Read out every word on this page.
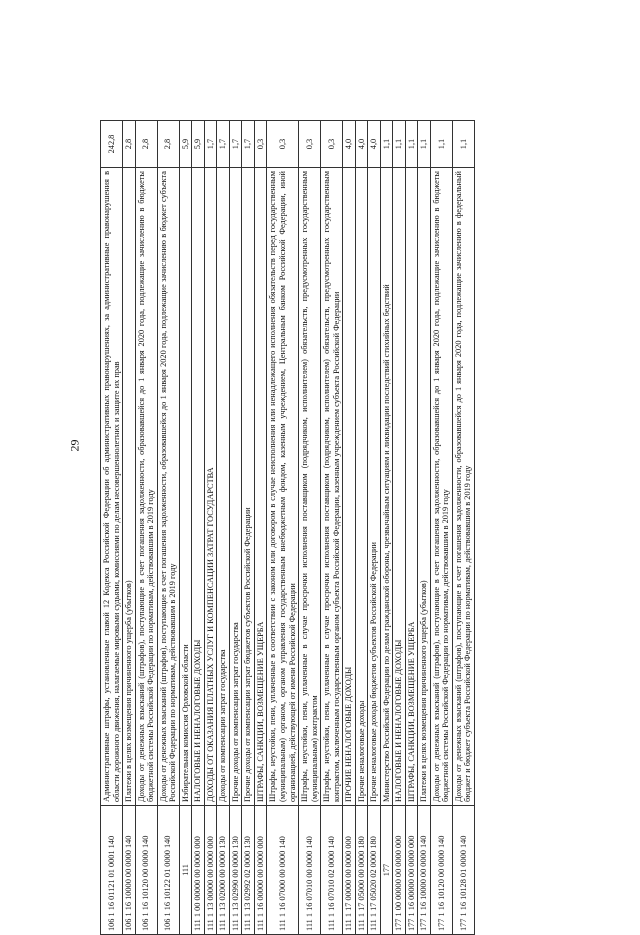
29
106 1 16 01121 01 0001 140	Административные штрафы, установленные главой 12 Кодекса Российской Федерации об административных правонарушениях, за административные правонарушения в области дорожного движения, налагаемые мировыми судьями, комиссиями по делам несовершеннолетних и защите их прав	242,8
106 1 16 10000 00 0000 140	Платежи в целях возмещения причиненного ущерба (убытков)	2,8
106 1 16 10120 00 0000 140	Доходы от денежных взысканий (штрафов), поступающие в счет погашения задолженности, образовавшейся до 1 января 2020 года, подлежащие зачислению в бюджеты бюджетной системы Российской Федерации по нормативам, действовавшим в 2019 году	2,8
106 1 16 10122 01 0000 140	Доходы от денежных взысканий (штрафов), поступающие в счет погашения задолженности, образовавшейся до 1 января 2020 года, подлежащие зачислению в бюджет субъекта Российской Федерации по нормативам, действовавшим в 2019 году	2,8
111	Избирательная комиссия Орловской области	5,9
111 1 00 00000 00 0000 000	НАЛОГОВЫЕ И НЕНАЛОГОВЫЕ ДОХОДЫ	5,9
111 1 13 00000 00 0000 000	ДОХОДЫ ОТ ОКАЗАНИЯ ПЛАТНЫХ УСЛУГ И КОМПЕНСАЦИИ ЗАТРАТ ГОСУДАРСТВА	1,7
111 1 13 02000 00 0000 130	Доходы от компенсации затрат государства	1,7
111 1 13 02990 00 0000 130	Прочие доходы от компенсации затрат государства	1,7
111 1 13 02992 02 0000 130	Прочие доходы от компенсации затрат бюджетов субъектов Российской Федерации	1,7
111 1 16 00000 00 0000 000	ШТРАФЫ, САНКЦИИ, ВОЗМЕЩЕНИЕ УЩЕРБА	0,3
111 1 16 07000 00 0000 140	Штрафы, неустойки, пени, уплаченные в соответствии с законом или договором в случае неисполнения или ненадлежащего исполнения обязательств перед государственным (муниципальным) органом, органом управления государственным внебюджетным фондом, казенным учреждением, Центральным банком Российской Федерации, иной организацией, действующей от имени Российской Федерации	0,3
111 1 16 07010 00 0000 140	Штрафы, неустойки, пени, уплаченные в случае просрочки исполнения поставщиком (подрядчиком, исполнителем) обязательств, предусмотренных государственным (муниципальным) контрактом	0,3
111 1 16 07010 02 0000 140	Штрафы, неустойки, пени, уплаченные в случае просрочки исполнения поставщиком (подрядчиком, исполнителем) обязательств, предусмотренных государственным контрактом, заключенным государственным органом субъекта Российской Федерации, казенным учреждением субъекта Российской Федерации	0,3
111 1 17 00000 00 0000 000	ПРОЧИЕ НЕНАЛОГОВЫЕ ДОХОДЫ	4,0
111 1 17 05000 00 0000 180	Прочие неналоговые доходы	4,0
111 1 17 05020 02 0000 180	Прочие неналоговые доходы бюджетов субъектов Российской Федерации	4,0
177	Министерство Российской Федерации по делам гражданской обороны, чрезвычайным ситуациям и ликвидации последствий стихийных бедствий	1,1
177 1 00 00000 00 0000 000	НАЛОГОВЫЕ И НЕНАЛОГОВЫЕ ДОХОДЫ	1,1
177 1 16 00000 00 0000 000	ШТРАФЫ, САНКЦИИ, ВОЗМЕЩЕНИЕ УЩЕРБА	1,1
177 1 16 10000 00 0000 140	Платежи в целях возмещения причиненного ущерба (убытков)	1,1
177 1 16 10120 00 0000 140	Доходы от денежных взысканий (штрафов), поступающие в счет погашения задолженности, образовавшейся до 1 января 2020 года, подлежащие зачислению в бюджеты бюджетной системы Российской Федерации по нормативам, действовавшим в 2019 году	1,1
177 1 16 10128 01 0000 140	Доходы от денежных взысканий (штрафов), поступающие в счет погашения задолженности, образовавшейся до 1 января 2020 года, подлежащие зачислению в федеральный бюджет и бюджет субъекта Российской Федерации по нормативам, действовавшим в 2019 году	1,1
